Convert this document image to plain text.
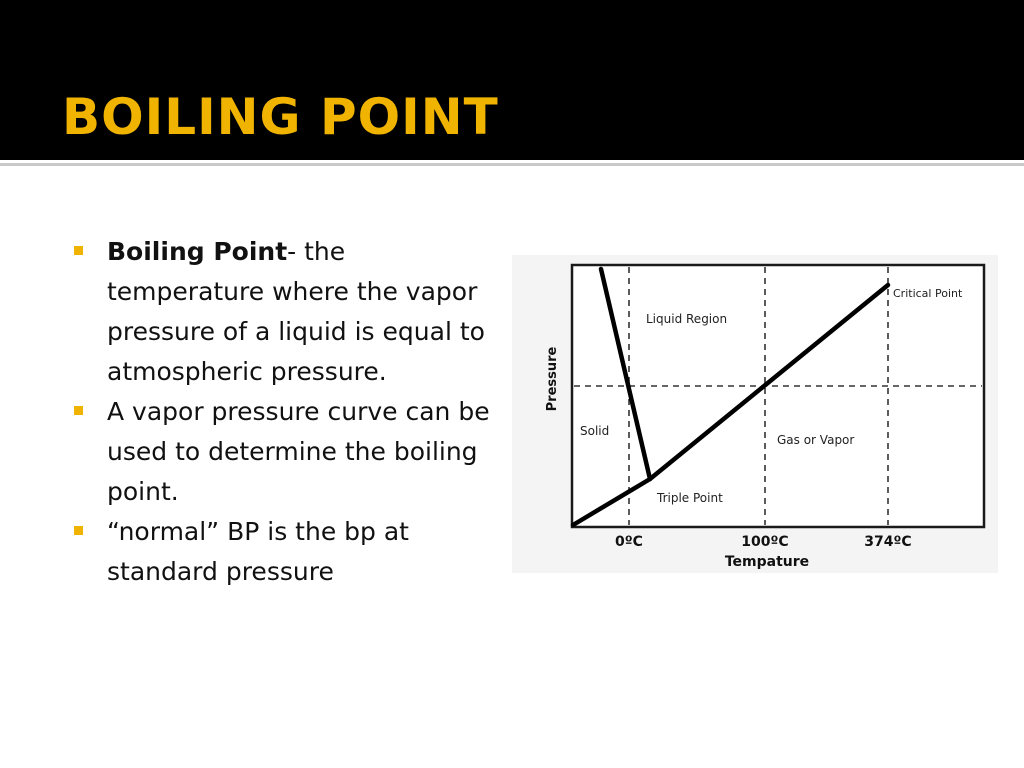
BOILING POINT
Boiling Point- the temperature where the vapor pressure of a liquid is equal to atmospheric pressure.
A vapor pressure curve can be used to determine the boiling point.
“normal” BP is the bp at standard pressure
Liquid Region
Solid
Gas or Vapor
Critical Point
Triple Point
0ºC	100ºC	374ºC
Tempature
Pressure
